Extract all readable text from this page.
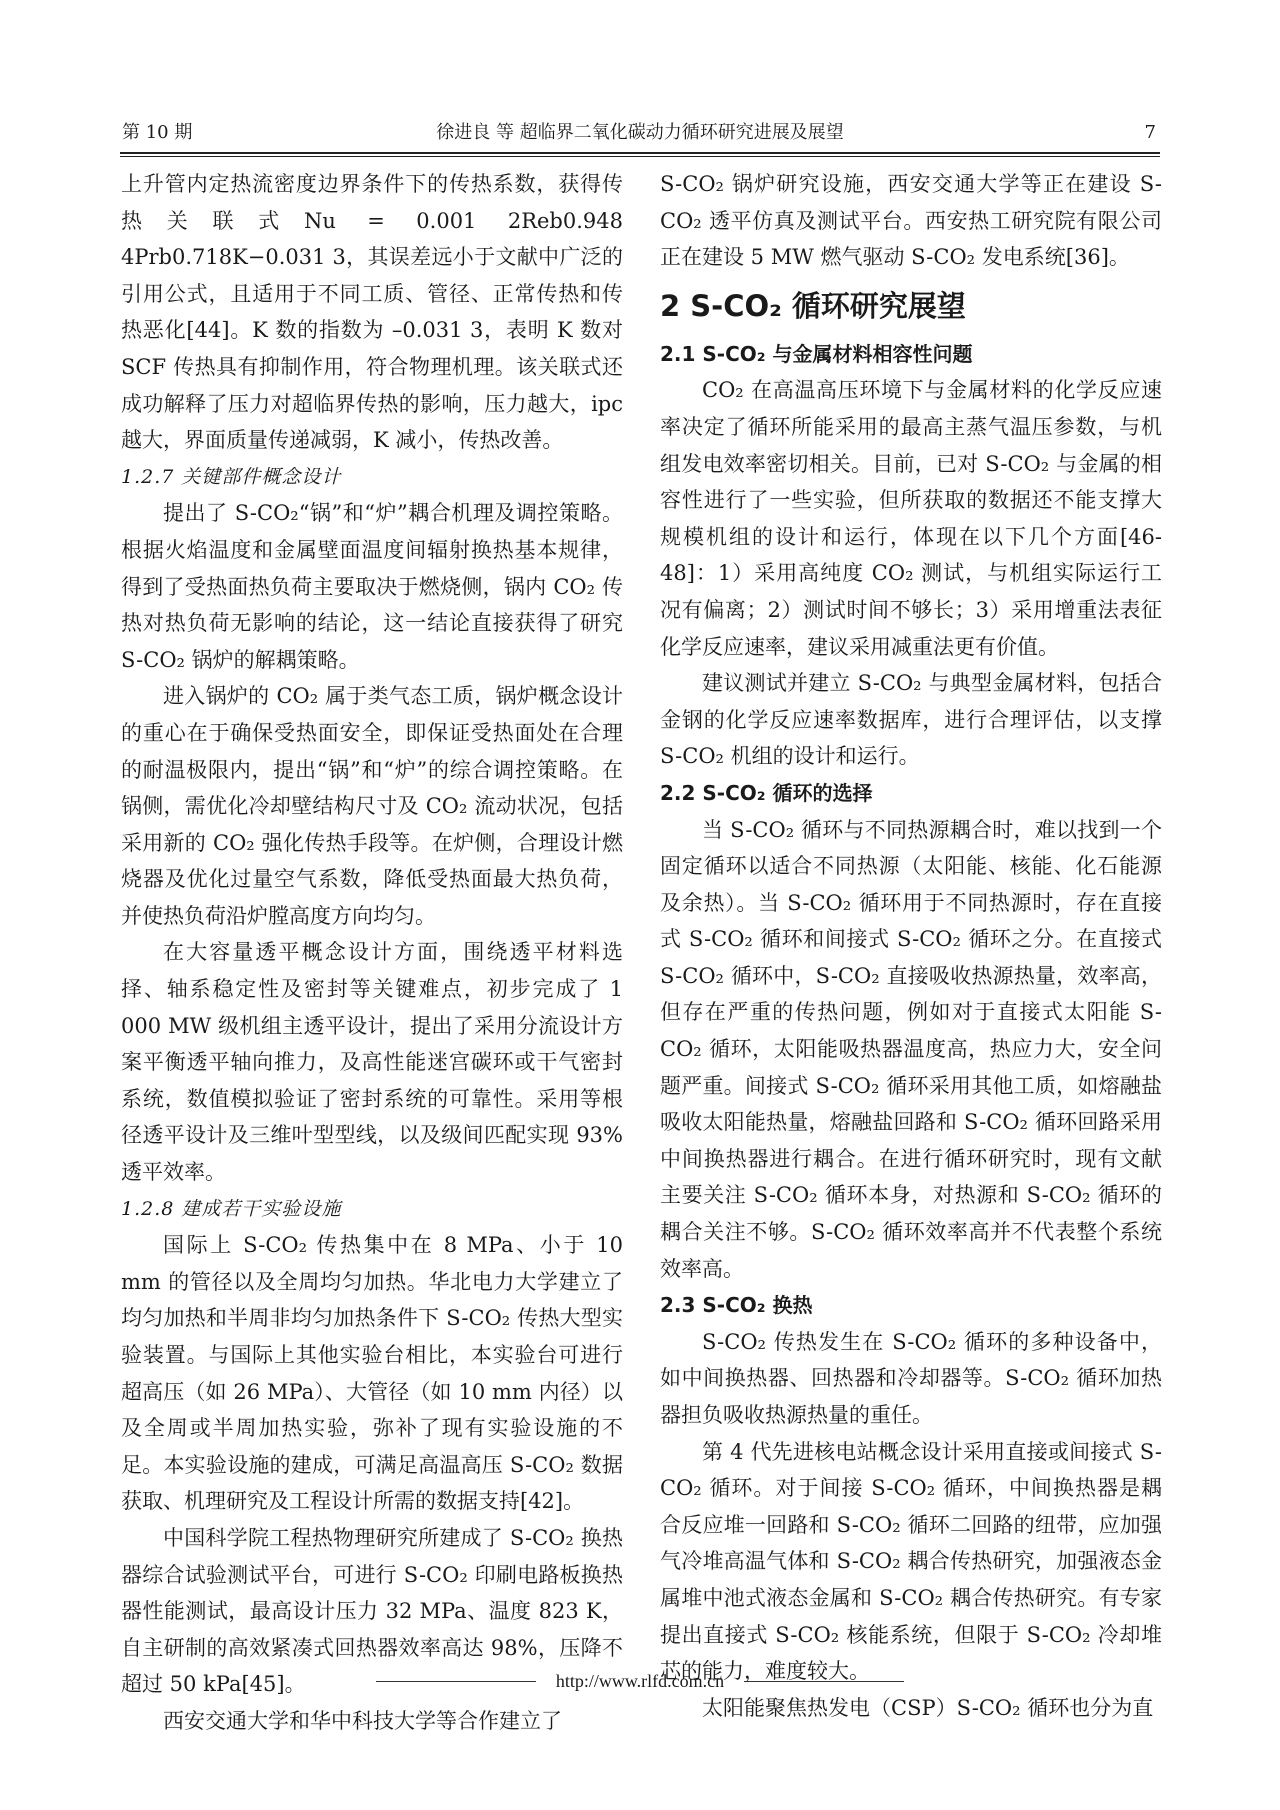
第 10 期	徐进良 等 超临界二氧化碳动力循环研究进展及展望	7

上升管内定热流密度边界条件下的传热系数，获得传热关联式Nu = 0.001 2Reb0.948 4Prb0.718K−0.031 3，其误差远小于文献中广泛的引用公式，且适用于不同工质、管径、正常传热和传热恶化[44]。K 数的指数为 –0.031 3，表明 K 数对 SCF 传热具有抑制作用，符合物理机理。该关联式还成功解释了压力对超临界传热的影响，压力越大，ipc越大，界面质量传递减弱，K 减小，传热改善。

1.2.7 关键部件概念设计

提出了 S-CO₂“锅”和“炉”耦合机理及调控策略。根据火焰温度和金属壁面温度间辐射换热基本规律，得到了受热面热负荷主要取决于燃烧侧，锅内 CO₂ 传热对热负荷无影响的结论，这一结论直接获得了研究 S-CO₂ 锅炉的解耦策略。

进入锅炉的 CO₂ 属于类气态工质，锅炉概念设计的重心在于确保受热面安全，即保证受热面处在合理的耐温极限内，提出“锅”和“炉”的综合调控策略。在锅侧，需优化冷却壁结构尺寸及 CO₂ 流动状况，包括采用新的 CO₂ 强化传热手段等。在炉侧，合理设计燃烧器及优化过量空气系数，降低受热面最大热负荷，并使热负荷沿炉膛高度方向均匀。

在大容量透平概念设计方面，围绕透平材料选择、轴系稳定性及密封等关键难点，初步完成了 1 000 MW 级机组主透平设计，提出了采用分流设计方案平衡透平轴向推力，及高性能迷宫碳环或干气密封系统，数值模拟验证了密封系统的可靠性。采用等根径透平设计及三维叶型型线，以及级间匹配实现 93%透平效率。

1.2.8 建成若干实验设施

国际上 S-CO₂ 传热集中在 8 MPa、小于 10 mm 的管径以及全周均匀加热。华北电力大学建立了均匀加热和半周非均匀加热条件下 S-CO₂ 传热大型实验装置。与国际上其他实验台相比，本实验台可进行超高压（如 26 MPa）、大管径（如 10 mm 内径）以及全周或半周加热实验，弥补了现有实验设施的不足。本实验设施的建成，可满足高温高压 S-CO₂ 数据获取、机理研究及工程设计所需的数据支持[42]。

中国科学院工程热物理研究所建成了 S-CO₂ 换热器综合试验测试平台，可进行 S-CO₂ 印刷电路板换热器性能测试，最高设计压力 32 MPa、温度 823 K，自主研制的高效紧凑式回热器效率高达 98%，压降不超过 50 kPa[45]。

西安交通大学和华中科技大学等合作建立了

S-CO₂ 锅炉研究设施，西安交通大学等正在建设 S-CO₂ 透平仿真及测试平台。西安热工研究院有限公司正在建设 5 MW 燃气驱动 S-CO₂ 发电系统[36]。

2 S-CO₂ 循环研究展望

2.1 S-CO₂ 与金属材料相容性问题

CO₂ 在高温高压环境下与金属材料的化学反应速率决定了循环所能采用的最高主蒸气温压参数，与机组发电效率密切相关。目前，已对 S-CO₂ 与金属的相容性进行了一些实验，但所获取的数据还不能支撑大规模机组的设计和运行，体现在以下几个方面[46-48]：1）采用高纯度 CO₂ 测试，与机组实际运行工况有偏离；2）测试时间不够长；3）采用增重法表征化学反应速率，建议采用减重法更有价值。

建议测试并建立 S-CO₂ 与典型金属材料，包括合金钢的化学反应速率数据库，进行合理评估，以支撑 S-CO₂ 机组的设计和运行。

2.2 S-CO₂ 循环的选择

当 S-CO₂ 循环与不同热源耦合时，难以找到一个固定循环以适合不同热源（太阳能、核能、化石能源及余热）。当 S-CO₂ 循环用于不同热源时，存在直接式 S-CO₂ 循环和间接式 S-CO₂ 循环之分。在直接式 S-CO₂ 循环中，S-CO₂ 直接吸收热源热量，效率高，但存在严重的传热问题，例如对于直接式太阳能 S-CO₂ 循环，太阳能吸热器温度高，热应力大，安全问题严重。间接式 S-CO₂ 循环采用其他工质，如熔融盐吸收太阳能热量，熔融盐回路和 S-CO₂ 循环回路采用中间换热器进行耦合。在进行循环研究时，现有文献主要关注 S-CO₂ 循环本身，对热源和 S-CO₂ 循环的耦合关注不够。S-CO₂ 循环效率高并不代表整个系统效率高。

2.3 S-CO₂ 换热

S-CO₂ 传热发生在 S-CO₂ 循环的多种设备中，如中间换热器、回热器和冷却器等。S-CO₂ 循环加热器担负吸收热源热量的重任。

第 4 代先进核电站概念设计采用直接或间接式 S-CO₂ 循环。对于间接 S-CO₂ 循环，中间换热器是耦合反应堆一回路和 S-CO₂ 循环二回路的纽带，应加强气冷堆高温气体和 S-CO₂ 耦合传热研究，加强液态金属堆中池式液态金属和 S-CO₂ 耦合传热研究。有专家提出直接式 S-CO₂ 核能系统，但限于 S-CO₂ 冷却堆芯的能力，难度较大。

太阳能聚焦热发电（CSP）S-CO₂ 循环也分为直

http://www.rlfd.com.cn
